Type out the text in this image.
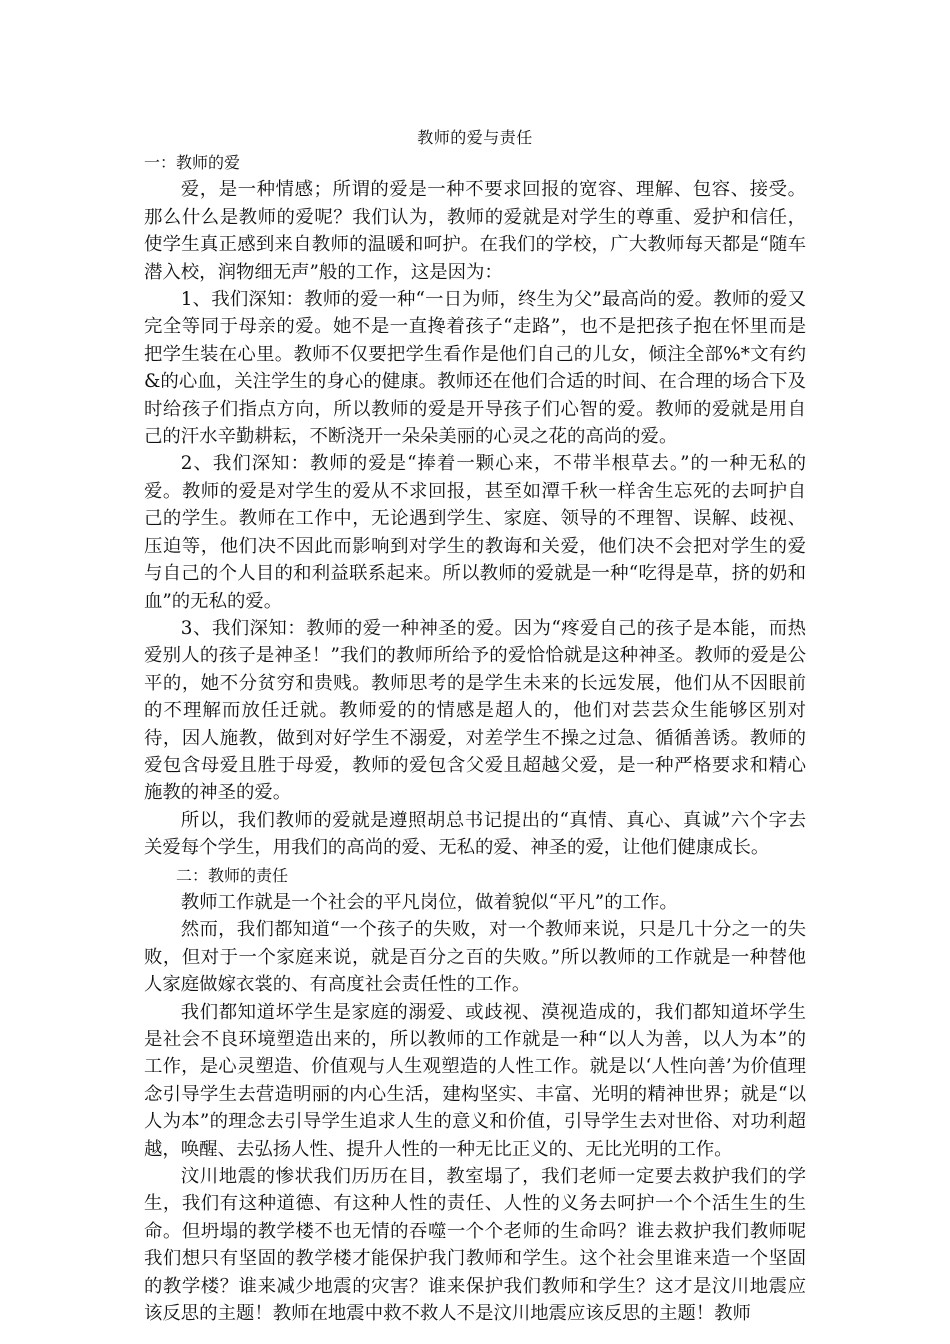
教师的爱与责任

一：教师的爱

爱，是一种情感；所谓的爱是一种不要求回报的宽容、理解、包容、接受。那么什么是教师的爱呢？我们认为，教师的爱就是对学生的尊重、爱护和信任，使学生真正感到来自教师的温暖和呵护。在我们的学校，广大教师每天都是“随车潜入校，润物细无声”般的工作，这是因为：

1、我们深知：教师的爱一种“一日为师，终生为父”最高尚的爱。教师的爱又完全等同于母亲的爱。她不是一直搀着孩子“走路”，也不是把孩子抱在怀里而是把学生装在心里。教师不仅要把学生看作是他们自己的儿女，倾注全部%*文有约&的心血，关注学生的身心的健康。教师还在他们合适的时间、在合理的场合下及时给孩子们指点方向，所以教师的爱是开导孩子们心智的爱。教师的爱就是用自己的汗水辛勤耕耘，不断浇开一朵朵美丽的心灵之花的高尚的爱。

2、我们深知：教师的爱是“捧着一颗心来，不带半根草去。”的一种无私的爱。教师的爱是对学生的爱从不求回报，甚至如潭千秋一样舍生忘死的去呵护自己的学生。教师在工作中，无论遇到学生、家庭、领导的不理智、误解、歧视、压迫等，他们决不因此而影响到对学生的教诲和关爱，他们决不会把对学生的爱与自己的个人目的和利益联系起来。所以教师的爱就是一种“吃得是草，挤的奶和血”的无私的爱。

3、我们深知：教师的爱一种神圣的爱。因为“疼爱自己的孩子是本能，而热爱别人的孩子是神圣！”我们的教师所给予的爱恰恰就是这种神圣。教师的爱是公平的，她不分贫穷和贵贱。教师思考的是学生未来的长远发展，他们从不因眼前的不理解而放任迁就。教师爱的的情感是超人的，他们对芸芸众生能够区别对待，因人施教，做到对好学生不溺爱，对差学生不操之过急、循循善诱。教师的爱包含母爱且胜于母爱，教师的爱包含父爱且超越父爱，是一种严格要求和精心施教的神圣的爱。

所以，我们教师的爱就是遵照胡总书记提出的“真情、真心、真诚”六个字去关爱每个学生，用我们的高尚的爱、无私的爱、神圣的爱，让他们健康成长。

二：教师的责任

教师工作就是一个社会的平凡岗位，做着貌似“平凡”的工作。

然而，我们都知道“一个孩子的失败，对一个教师来说，只是几十分之一的失败，但对于一个家庭来说，就是百分之百的失败。”所以教师的工作就是一种替他人家庭做嫁衣裳的、有高度社会责任性的工作。

我们都知道坏学生是家庭的溺爱、或歧视、漠视造成的，我们都知道坏学生是社会不良环境塑造出来的，所以教师的工作就是一种“以人为善，以人为本”的工作，是心灵塑造、价值观与人生观塑造的人性工作。就是以‘人性向善’为价值理念引导学生去营造明丽的内心生活，建构坚实、丰富、光明的精神世界；就是“以人为本”的理念去引导学生追求人生的意义和价值，引导学生去对世俗、对功利超越，唤醒、去弘扬人性、提升人性的一种无比正义的、无比光明的工作。

汶川地震的惨状我们历历在目，教室塌了，我们老师一定要去救护我们的学生，我们有这种道德、有这种人性的责任、人性的义务去呵护一个个活生生的生命。但坍塌的教学楼不也无情的吞噬一个个老师的生命吗？谁去救护我们教师呢我们想只有坚固的教学楼才能保护我门教师和学生。这个社会里谁来造一个坚固的教学楼？谁来减少地震的灾害？谁来保护我们教师和学生？这才是汶川地震应该反思的主题！教师在地震中救不救人不是汶川地震应该反思的主题！教师
